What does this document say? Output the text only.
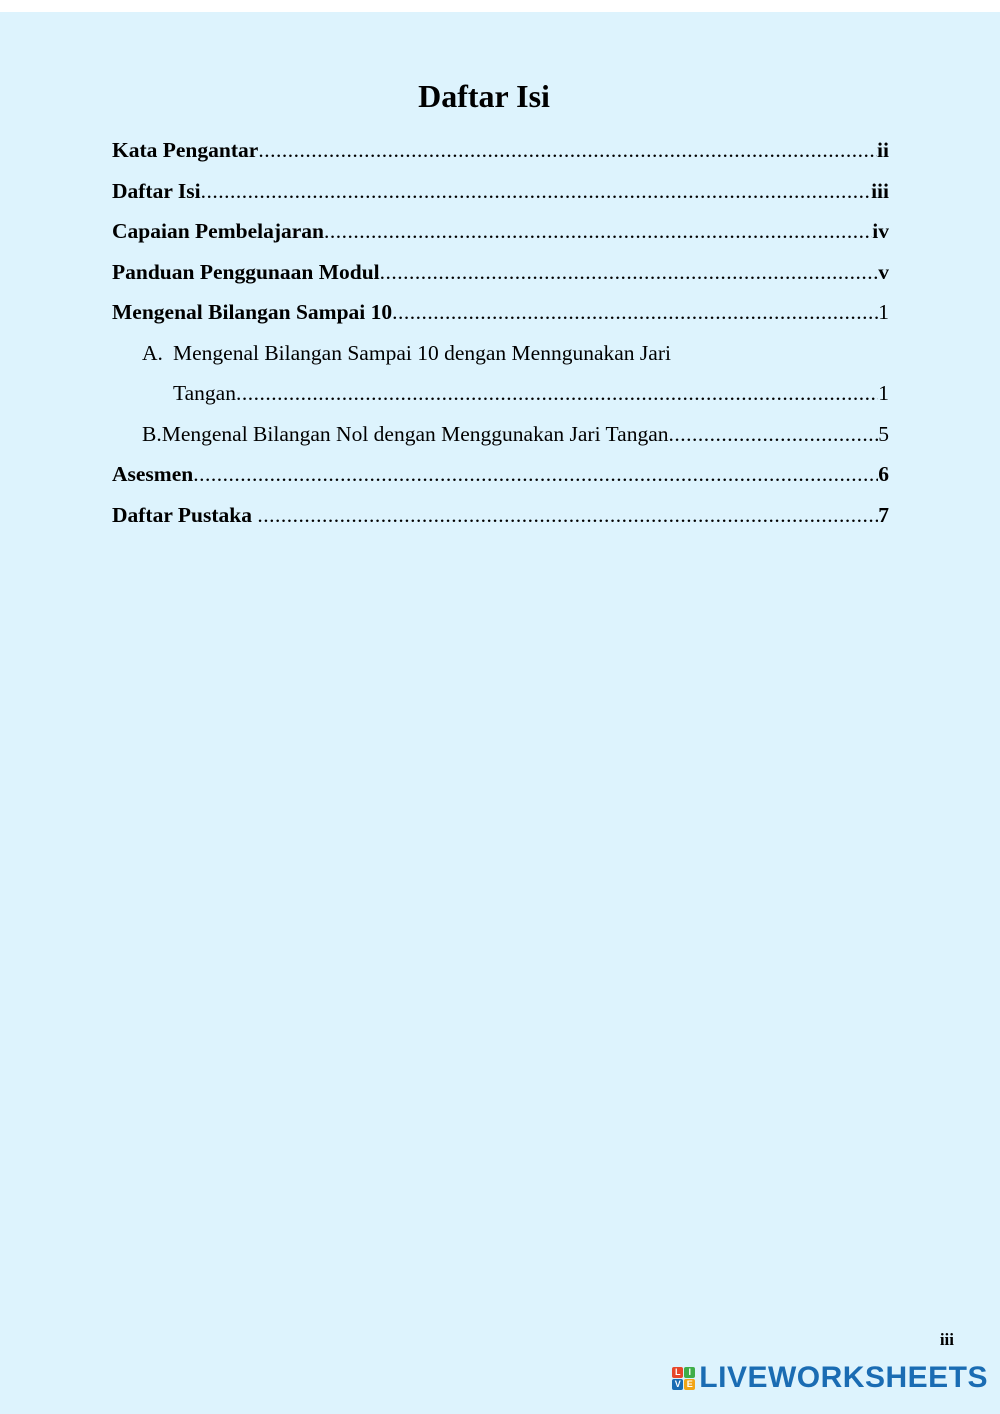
Daftar Isi
Kata Pengantar .....	ii
Daftar Isi .....	iii
Capaian Pembelajaran .....	iv
Panduan Penggunaan Modul .....	v
Mengenal Bilangan Sampai 10 .....	1
A. Mengenal Bilangan Sampai 10 dengan Menngunakan Jari
Tangan .....	1
B. Mengenal Bilangan Nol dengan Menggunakan Jari Tangan .....	5
Asesmen .....	6
Daftar Pustaka .....	7
iii
L I
V E LIVEWORKSHEETS
